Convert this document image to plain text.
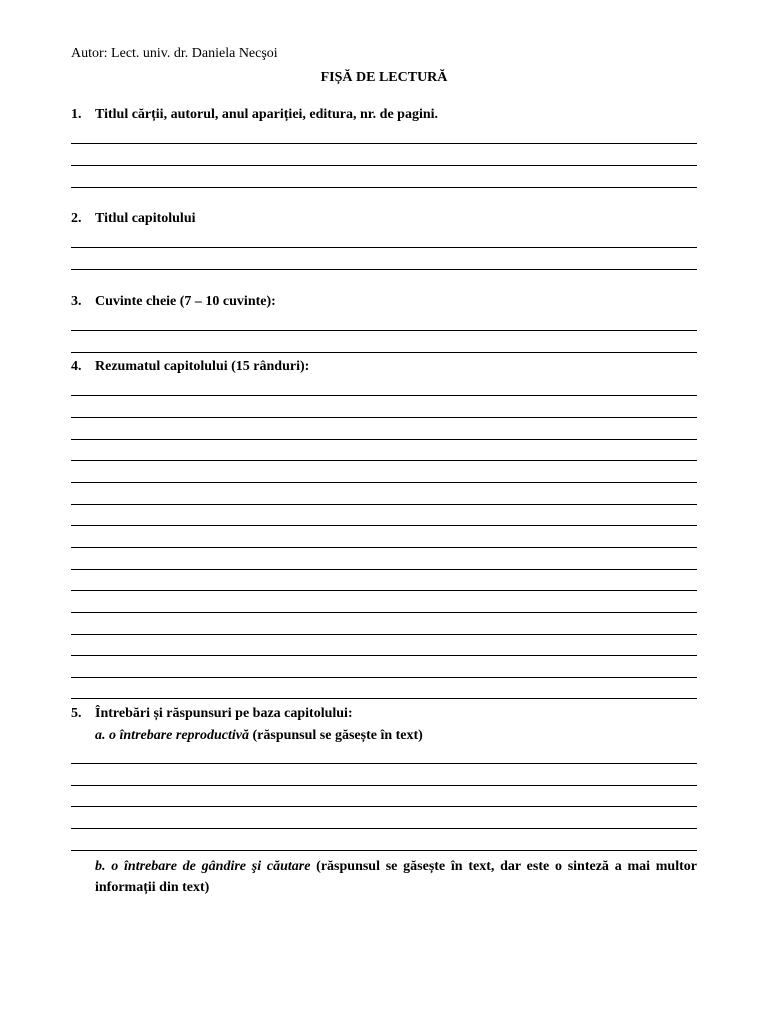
Autor: Lect. univ. dr. Daniela Necşoi
FIȘĂ DE LECTURĂ
1. Titlul cărții, autorul, anul apariției, editura, nr. de pagini.
2. Titlul capitolului
3. Cuvinte cheie (7 – 10 cuvinte):
4. Rezumatul capitolului (15 rânduri):
5. Întrebări și răspunsuri pe baza capitolului:
a. o întrebare reproductivă (răspunsul se găsește în text)
b. o întrebare de gândire şi căutare (răspunsul se găsește în text, dar este o sinteză a mai multor informații din text)
